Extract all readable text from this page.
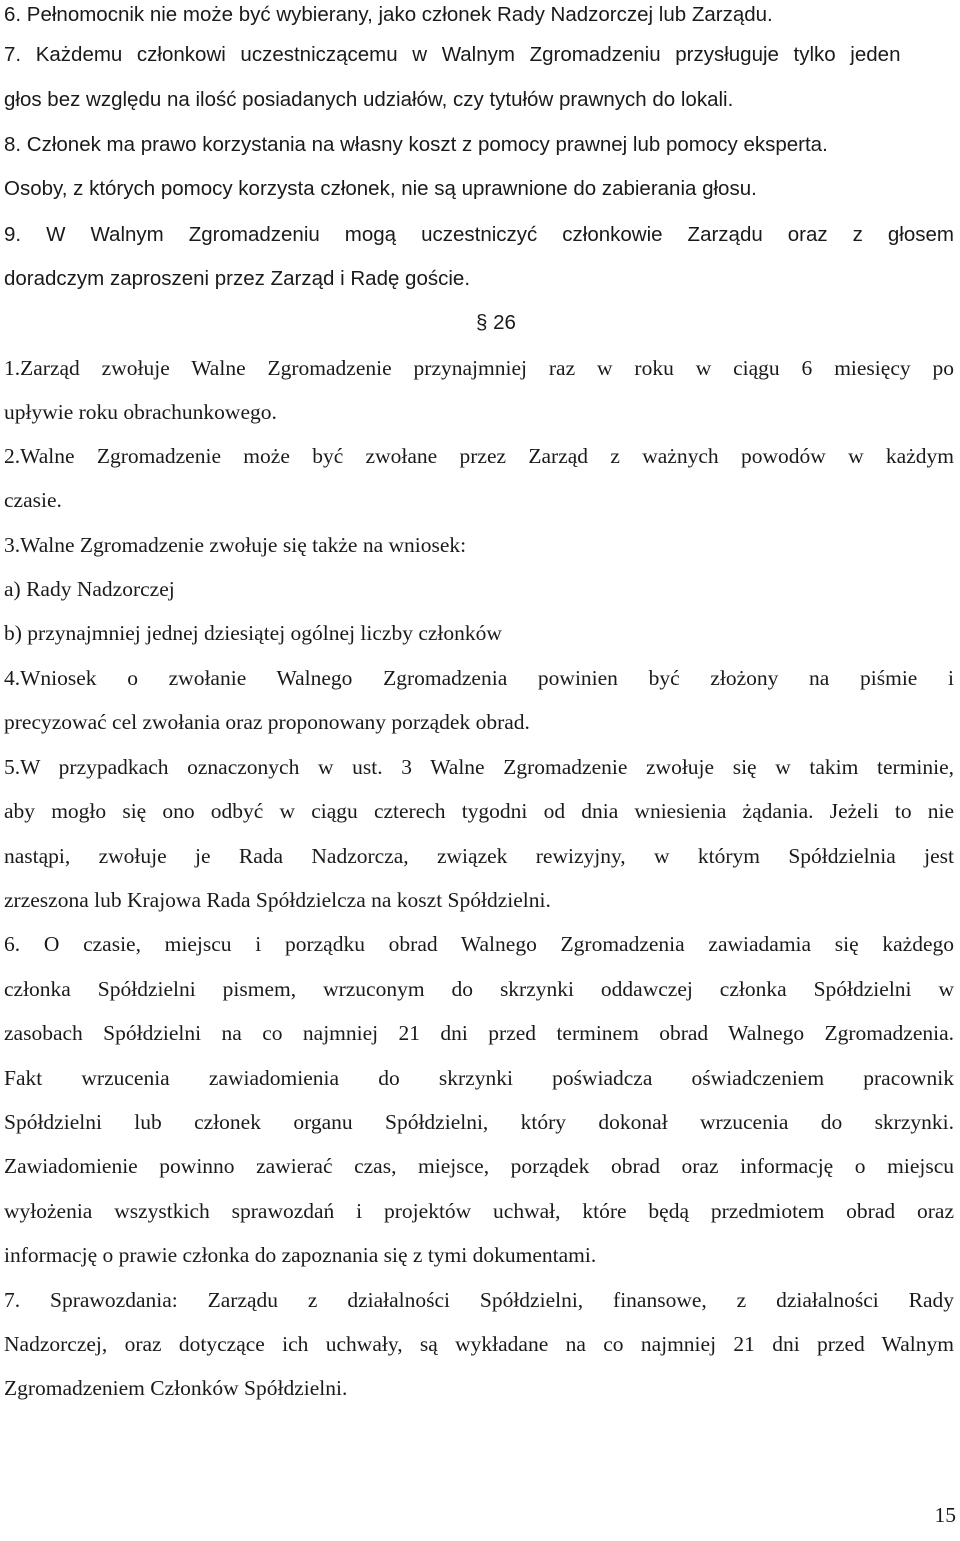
6. Pełnomocnik nie może być wybierany, jako członek Rady Nadzorczej lub Zarządu.
7. Każdemu członkowi uczestniczącemu w Walnym Zgromadzeniu przysługuje tylko jeden
głos bez względu na ilość posiadanych udziałów, czy tytułów prawnych do lokali.
8. Członek ma prawo korzystania na własny koszt z pomocy prawnej lub pomocy eksperta.
Osoby, z których pomocy korzysta członek, nie są uprawnione do zabierania głosu.
9. W Walnym Zgromadzeniu mogą uczestniczyć członkowie Zarządu oraz z głosem
doradczym zaproszeni przez Zarząd i Radę goście.
§ 26
1.Zarząd zwołuje Walne Zgromadzenie przynajmniej raz w roku w ciągu 6 miesięcy po
upływie roku obrachunkowego.
2.Walne Zgromadzenie może być zwołane przez Zarząd z ważnych powodów w każdym
czasie.
3.Walne Zgromadzenie zwołuje się także na wniosek:
a) Rady Nadzorczej
b) przynajmniej jednej dziesiątej ogólnej liczby członków
4.Wniosek o zwołanie Walnego Zgromadzenia powinien być złożony na piśmie i
precyzować cel zwołania oraz proponowany porządek obrad.
5.W przypadkach oznaczonych w ust. 3 Walne Zgromadzenie zwołuje się w takim terminie,
aby mogło się ono odbyć w ciągu czterech tygodni od dnia wniesienia żądania. Jeżeli to nie
nastąpi, zwołuje je Rada Nadzorcza, związek rewizyjny, w którym Spółdzielnia jest
zrzeszona lub Krajowa Rada Spółdzielcza na koszt Spółdzielni.
6. O czasie, miejscu i porządku obrad Walnego Zgromadzenia zawiadamia się każdego
członka Spółdzielni pismem, wrzuconym do skrzynki oddawczej członka Spółdzielni w
zasobach Spółdzielni na co najmniej 21 dni przed terminem obrad Walnego Zgromadzenia.
Fakt wrzucenia zawiadomienia do skrzynki poświadcza oświadczeniem pracownik
Spółdzielni lub członek organu Spółdzielni, który dokonał wrzucenia do skrzynki.
Zawiadomienie powinno zawierać czas, miejsce, porządek obrad oraz informację o miejscu
wyłożenia wszystkich sprawozdań i projektów uchwał, które będą przedmiotem obrad oraz
informację o prawie członka do zapoznania się z tymi dokumentami.
7. Sprawozdania: Zarządu z działalności Spółdzielni, finansowe, z działalności Rady
Nadzorczej, oraz dotyczące ich uchwały, są wykładane na co najmniej 21 dni przed Walnym
Zgromadzeniem Członków Spółdzielni.
15
